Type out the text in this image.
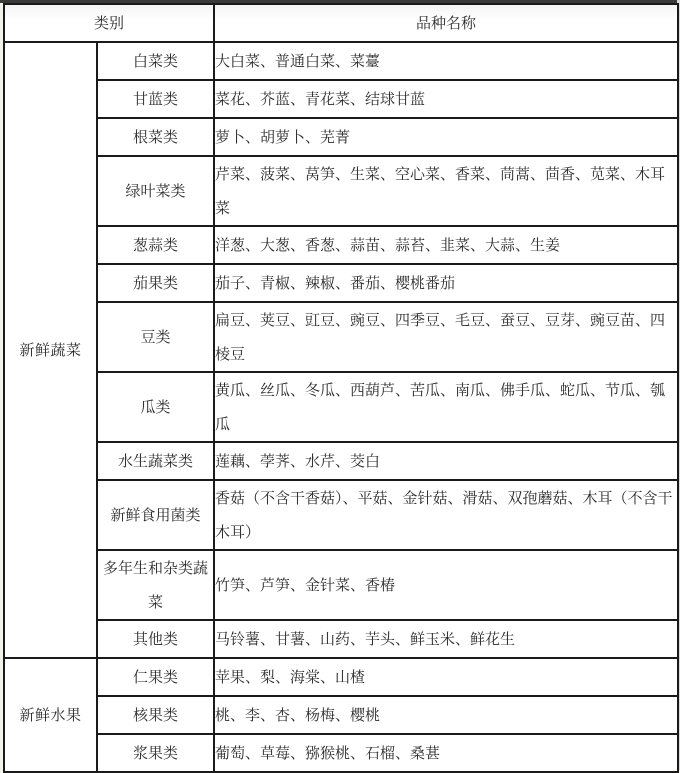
类别		品种名称
新鲜蔬菜	白菜类	大白菜、普通白菜、菜薹
	甘蓝类	菜花、芥蓝、青花菜、结球甘蓝
	根菜类	萝卜、胡萝卜、芜菁
	绿叶菜类	芹菜、菠菜、莴笋、生菜、空心菜、香菜、茼蒿、茴香、苋菜、木耳菜
	葱蒜类	洋葱、大葱、香葱、蒜苗、蒜苔、韭菜、大蒜、生姜
	茄果类	茄子、青椒、辣椒、番茄、樱桃番茄
	豆类	扁豆、荚豆、豇豆、豌豆、四季豆、毛豆、蚕豆、豆芽、豌豆苗、四棱豆
	瓜类	黄瓜、丝瓜、冬瓜、西葫芦、苦瓜、南瓜、佛手瓜、蛇瓜、节瓜、瓠瓜
	水生蔬菜类	莲藕、荸荠、水芹、茭白
	新鲜食用菌类	香菇（不含干香菇）、平菇、金针菇、滑菇、双孢蘑菇、木耳（不含干木耳）
	多年生和杂类蔬菜	竹笋、芦笋、金针菜、香椿
	其他类	马铃薯、甘薯、山药、芋头、鲜玉米、鲜花生
新鲜水果	仁果类	苹果、梨、海棠、山楂
	核果类	桃、李、杏、杨梅、樱桃
	浆果类	葡萄、草莓、猕猴桃、石榴、桑葚
